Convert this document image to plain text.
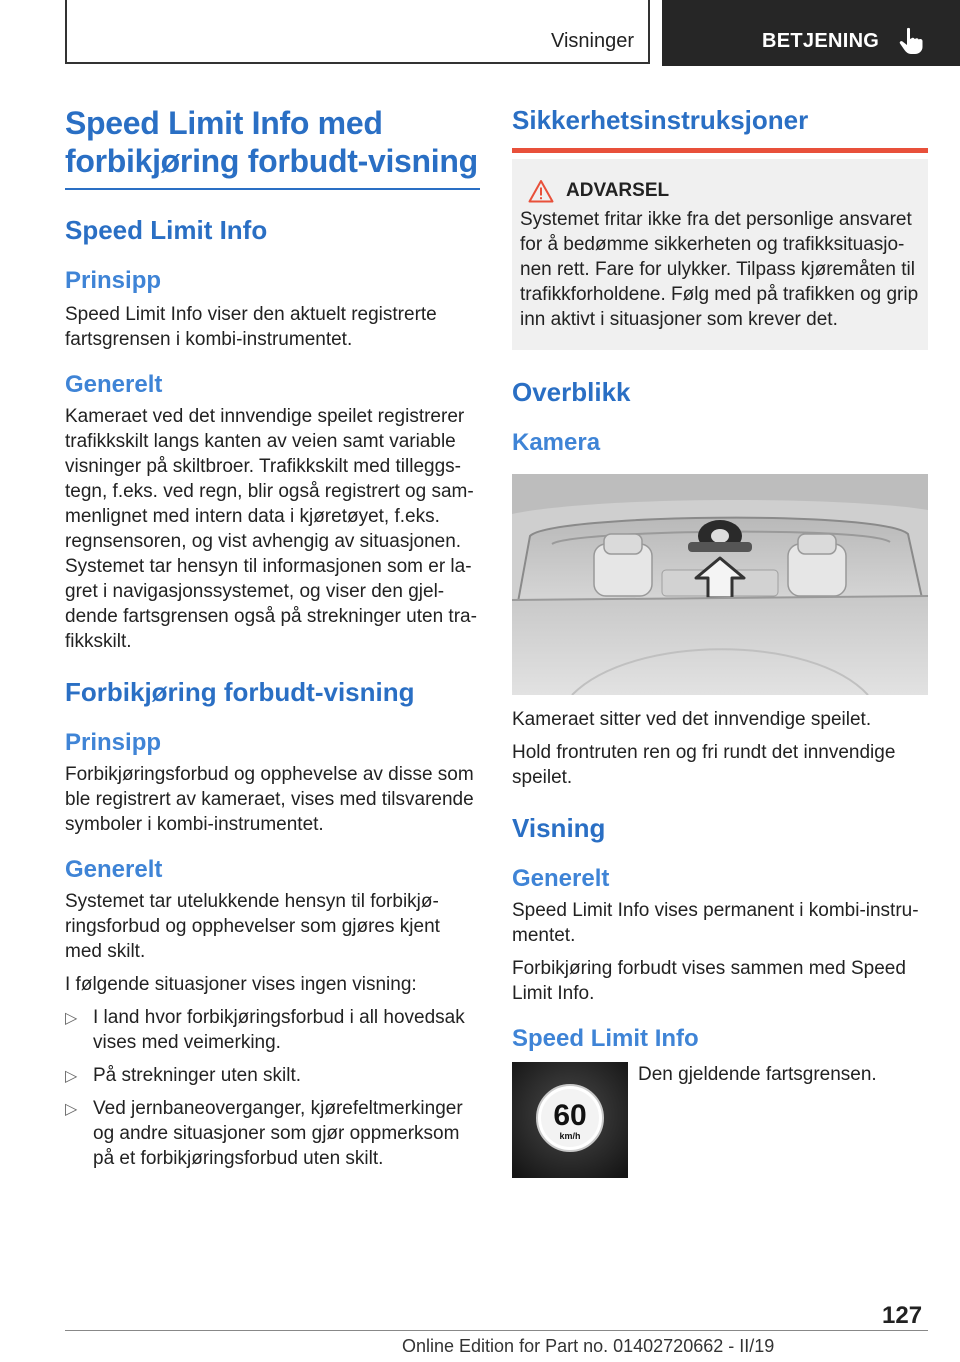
Visninger	BETJENING
Speed Limit Info med forbikjøring forbudt-visning
Speed Limit Info
Prinsipp

Speed Limit Info viser den aktuelt registrerte fartsgrensen i kombi-instrumentet.

Generelt

Kameraet ved det innvendige speilet registrerer trafikkskilt langs kanten av veien samt variable visninger på skiltbroer. Trafikkskilt med tilleggs-tegn, f.eks. ved regn, blir også registrert og sam-menlignet med intern data i kjøretøyet, f.eks. regnsensoren, og vist avhengig av situasjonen. Systemet tar hensyn til informasjonen som er la-gret i navigasjonssystemet, og viser den gjel-dende fartsgrensen også på strekninger uten tra-fikkskilt.

Forbikjøring forbudt-visning
Prinsipp

Forbikjøringsforbud og opphevelse av disse som ble registrert av kameraet, vises med tilsvarende symboler i kombi-instrumentet.

Generelt

Systemet tar utelukkende hensyn til forbikjø-ringsforbud og opphevelser som gjøres kjent med skilt.

I følgende situasjoner vises ingen visning:

▷ I land hvor forbikjøringsforbud i all hovedsak vises med veimerking.
▷ På strekninger uten skilt.
▷ Ved jernbaneoverganger, kjørefeltmerkinger og andre situasjoner som gjør oppmerksom på et forbikjøringsforbud uten skilt.
Sikkerhetsinstruksjoner
ADVARSEL

Systemet fritar ikke fra det personlige ansvaret for å bedømme sikkerheten og trafikksituasjo-nen rett. Fare for ulykker. Tilpass kjøremåten til trafikkforholdene. Følg med på trafikken og grip inn aktivt i situasjoner som krever det.

Overblikk
Kamera

Kameraet sitter ved det innvendige speilet.

Hold frontruten ren og fri rundt det innvendige speilet.

Visning
Generelt

Speed Limit Info vises permanent i kombi-instru-mentet.

Forbikjøring forbudt vises sammen med Speed Limit Info.

Speed Limit Info
60
km/h

Den gjeldende fartsgrensen.

127
Online Edition for Part no. 01402720662 - II/19
